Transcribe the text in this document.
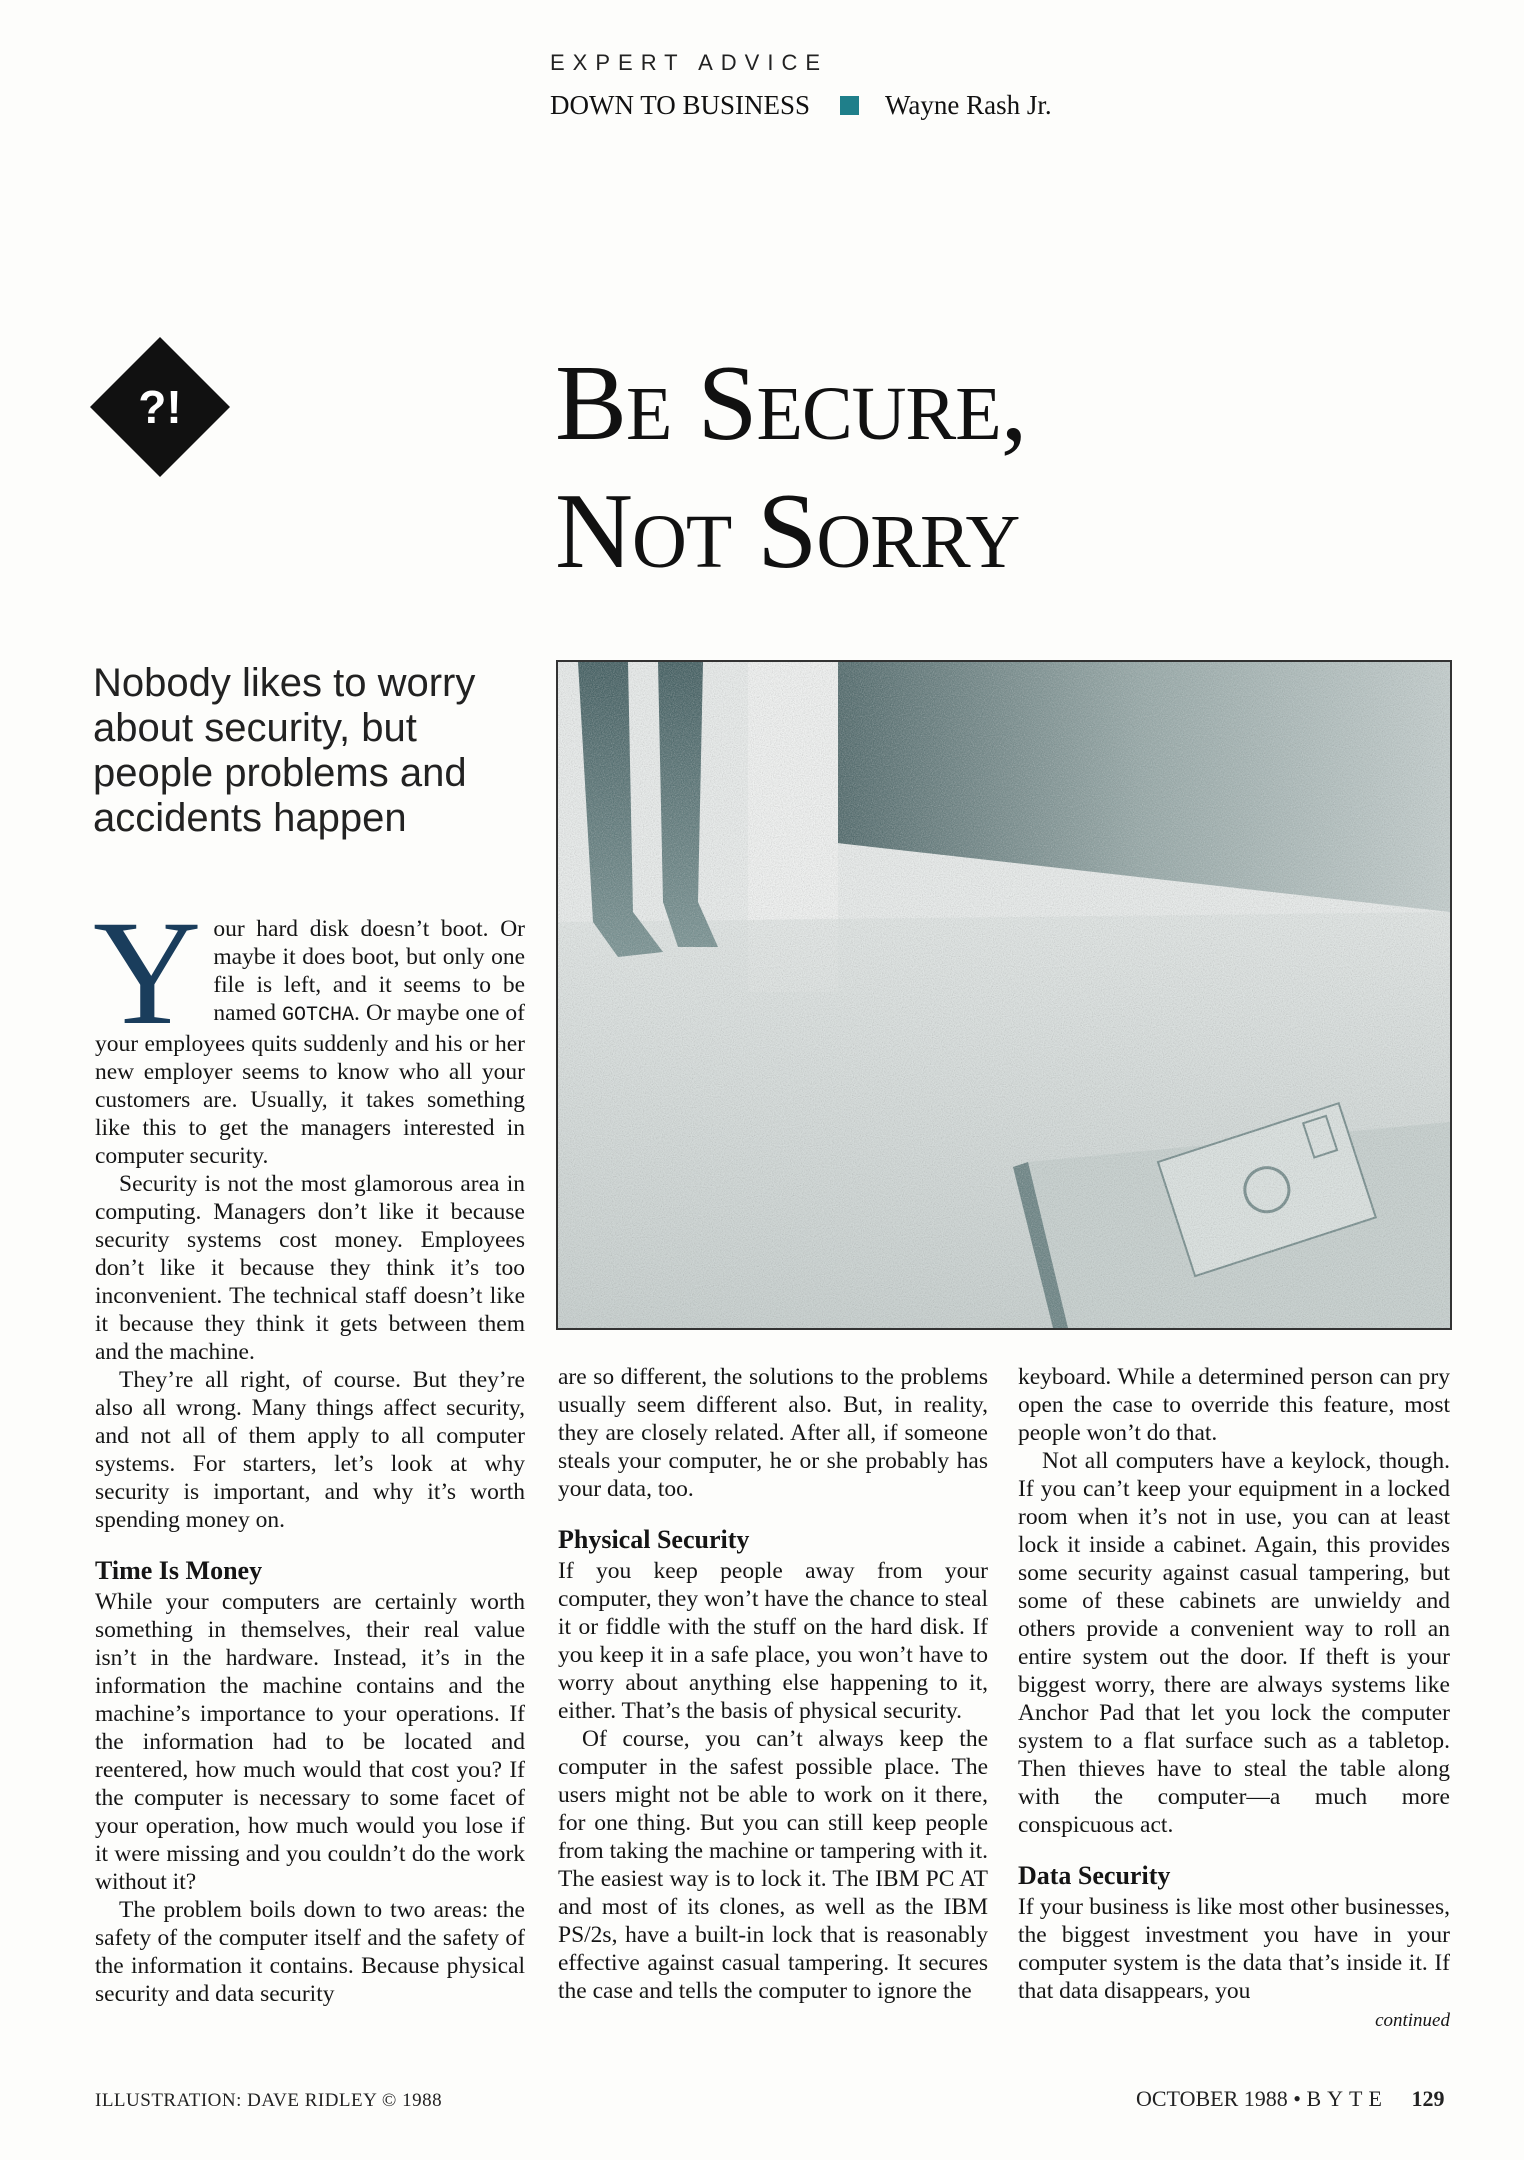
EXPERT ADVICE
DOWN TO BUSINESS	Wayne Rash Jr.
?!	Be Secure,
Not Sorry
Nobody likes to worry about security, but people problems and accidents happen

Your hard disk doesn’t boot. Or maybe it does boot, but only one file is left, and it seems to be named GOTCHA. Or maybe one of your employees quits suddenly and his or her new employer seems to know who all your customers are. Usually, it takes something like this to get the managers interested in computer security.

Security is not the most glamorous area in computing. Managers don’t like it because security systems cost money. Employees don’t like it because they think it’s too inconvenient. The technical staff doesn’t like it because they think it gets between them and the machine.

They’re all right, of course. But they’re also all wrong. Many things affect security, and not all of them apply to all computer systems. For starters, let’s look at why security is important, and why it’s worth spending money on.

Time Is Money

While your computers are certainly worth something in themselves, their real value isn’t in the hardware. Instead, it’s in the information the machine contains and the machine’s importance to your operations. If the information had to be located and reentered, how much would that cost you? If the computer is necessary to some facet of your operation, how much would you lose if it were missing and you couldn’t do the work without it?

The problem boils down to two areas: the safety of the computer itself and the safety of the information it contains. Because physical security and data security

are so different, the solutions to the problems usually seem different also. But, in reality, they are closely related. After all, if someone steals your computer, he or she probably has your data, too.

Physical Security

If you keep people away from your computer, they won’t have the chance to steal it or fiddle with the stuff on the hard disk. If you keep it in a safe place, you won’t have to worry about anything else happening to it, either. That’s the basis of physical security.

Of course, you can’t always keep the computer in the safest possible place. The users might not be able to work on it there, for one thing. But you can still keep people from taking the machine or tampering with it. The easiest way is to lock it. The IBM PC AT and most of its clones, as well as the IBM PS/2s, have a built-in lock that is reasonably effective against casual tampering. It secures the case and tells the computer to ignore the

keyboard. While a determined person can pry open the case to override this feature, most people won’t do that.

Not all computers have a keylock, though. If you can’t keep your equipment in a locked room when it’s not in use, you can at least lock it inside a cabinet. Again, this provides some security against casual tampering, but some of these cabinets are unwieldy and others provide a convenient way to roll an entire system out the door. If theft is your biggest worry, there are always systems like Anchor Pad that let you lock the computer system to a flat surface such as a tabletop. Then thieves have to steal the table along with the computer—a much more conspicuous act.

Data Security

If your business is like most other businesses, the biggest investment you have in your computer system is the data that’s inside it. If that data disappears, you

continued
ILLUSTRATION: DAVE RIDLEY © 1988	OCTOBER 1988 • BYTE 129
